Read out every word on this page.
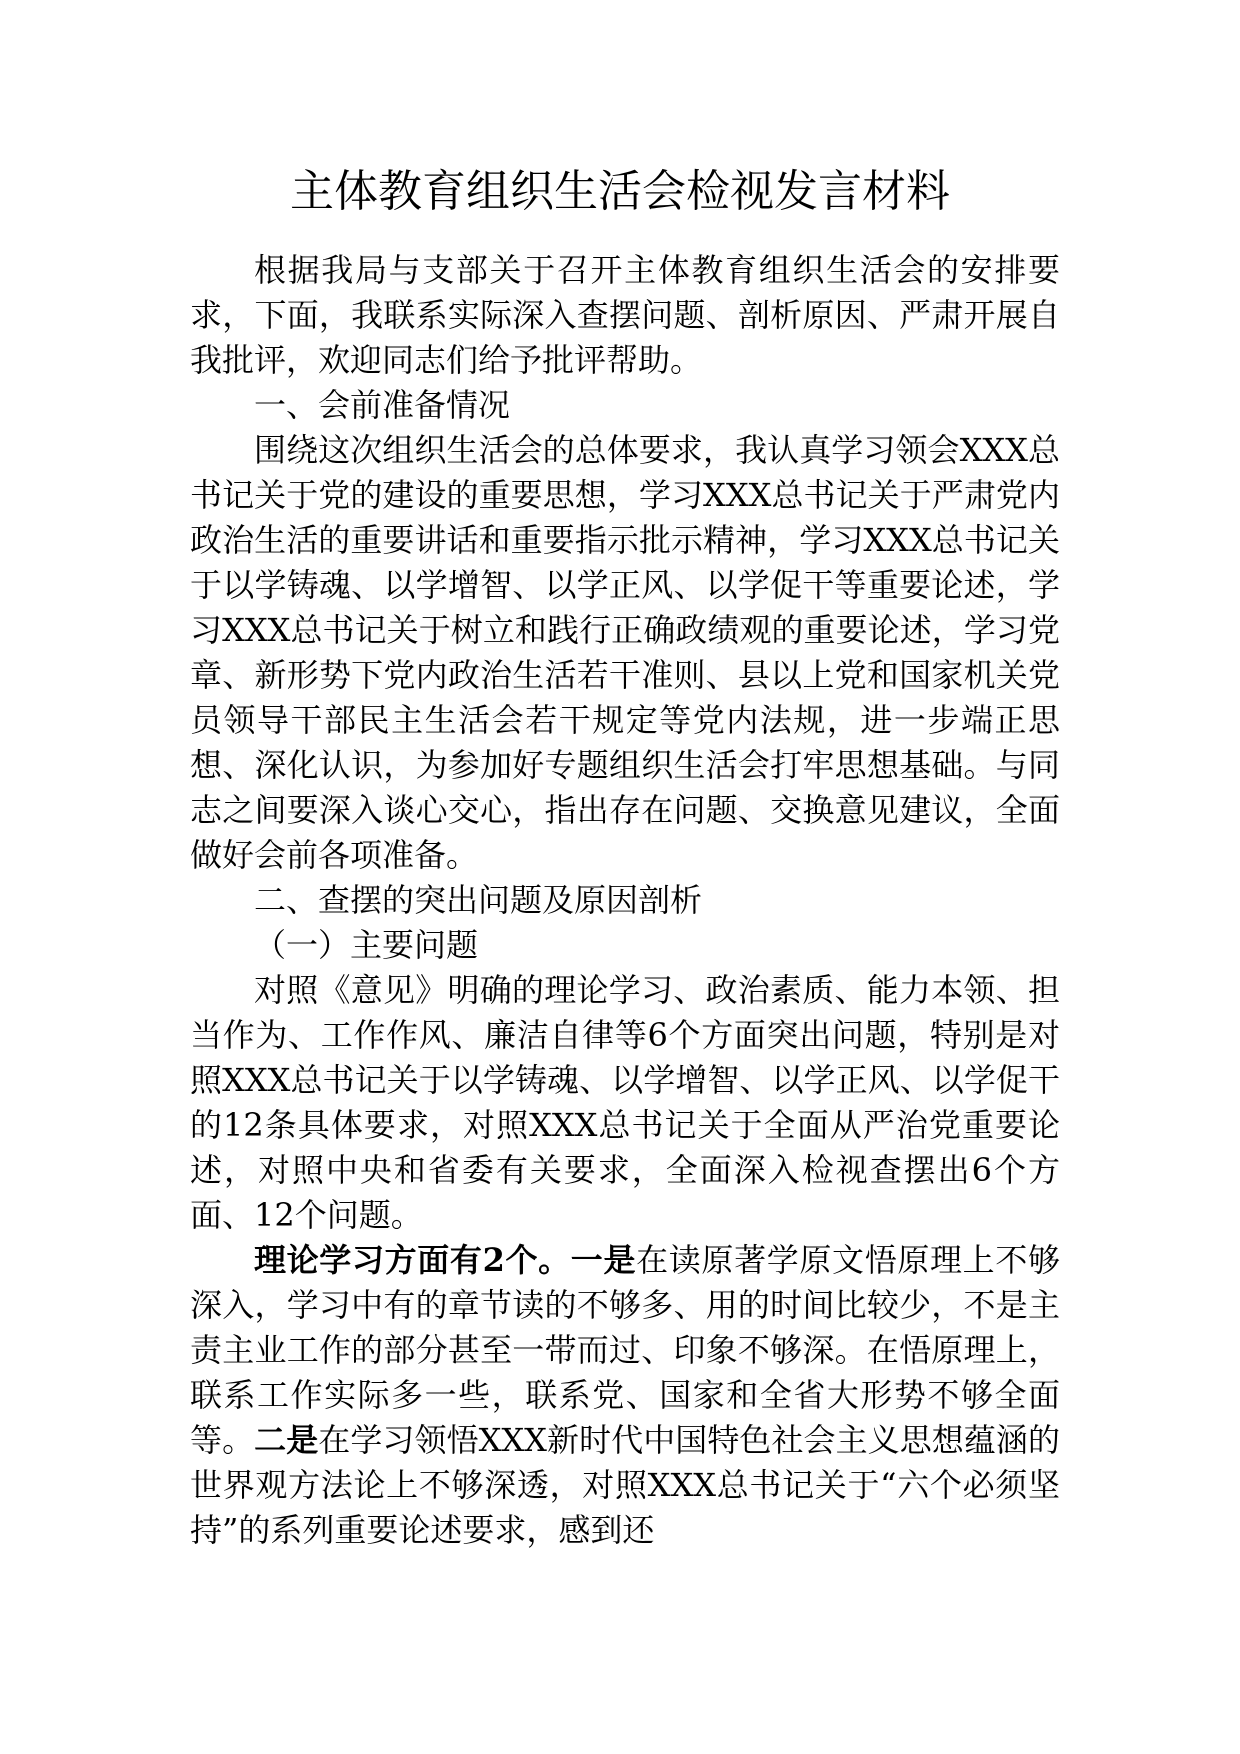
主体教育组织生活会检视发言材料

根据我局与支部关于召开主体教育组织生活会的安排要求，下面，我联系实际深入查摆问题、剖析原因、严肃开展自我批评，欢迎同志们给予批评帮助。

一、会前准备情况

围绕这次组织生活会的总体要求，我认真学习领会XXX总书记关于党的建设的重要思想，学习XXX总书记关于严肃党内政治生活的重要讲话和重要指示批示精神，学习XXX总书记关于以学铸魂、以学增智、以学正风、以学促干等重要论述，学习XXX总书记关于树立和践行正确政绩观的重要论述，学习党章、新形势下党内政治生活若干准则、县以上党和国家机关党员领导干部民主生活会若干规定等党内法规，进一步端正思想、深化认识，为参加好专题组织生活会打牢思想基础。与同志之间要深入谈心交心，指出存在问题、交换意见建议，全面做好会前各项准备。

二、查摆的突出问题及原因剖析

（一）主要问题

对照《意见》明确的理论学习、政治素质、能力本领、担当作为、工作作风、廉洁自律等6个方面突出问题，特别是对照XXX总书记关于以学铸魂、以学增智、以学正风、以学促干的12条具体要求，对照XXX总书记关于全面从严治党重要论述，对照中央和省委有关要求，全面深入检视查摆出6个方面、12个问题。

理论学习方面有2个。一是在读原著学原文悟原理上不够深入，学习中有的章节读的不够多、用的时间比较少，不是主责主业工作的部分甚至一带而过、印象不够深。在悟原理上，联系工作实际多一些，联系党、国家和全省大形势不够全面等。二是在学习领悟XXX新时代中国特色社会主义思想蕴涵的世界观方法论上不够深透，对照XXX总书记关于“六个必须坚持”的系列重要论述要求，感到还
